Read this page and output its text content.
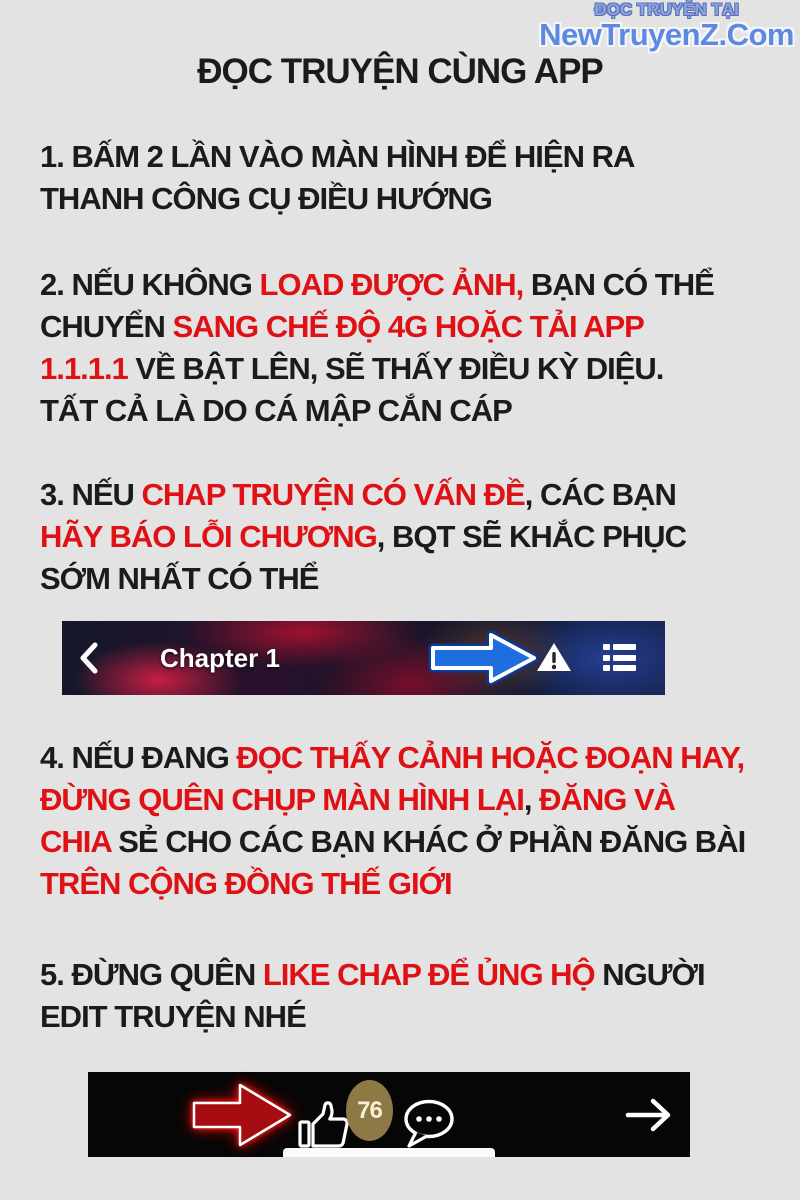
ĐỌC TRUYỆN TẠI
NewTruyenZ.Com
ĐỌC TRUYỆN CÙNG APP
1. BẤM 2 LẦN VÀO MÀN HÌNH ĐỂ HIỆN RA
THANH CÔNG CỤ ĐIỀU HƯỚNG
2. NẾU KHÔNG LOAD ĐƯỢC ẢNH, BẠN CÓ THỂ
CHUYỂN SANG CHẾ ĐỘ 4G HOẶC TẢI APP
1.1.1.1 VỀ BẬT LÊN, SẼ THẤY ĐIỀU KỲ DIỆU.
TẤT CẢ LÀ DO CÁ MẬP CẮN CÁP
3. NẾU CHAP TRUYỆN CÓ VẤN ĐỀ, CÁC BẠN
HÃY BÁO LỖI CHƯƠNG, BQT SẼ KHẮC PHỤC
SỚM NHẤT CÓ THỂ
Chapter 1
4. NẾU ĐANG ĐỌC THẤY CẢNH HOẶC ĐOẠN HAY,
ĐỪNG QUÊN CHỤP MÀN HÌNH LẠI, ĐĂNG VÀ
CHIA SẺ CHO CÁC BẠN KHÁC Ở PHẦN ĐĂNG BÀI
TRÊN CỘNG ĐỒNG THẾ GIỚI
5. ĐỪNG QUÊN LIKE CHAP ĐỂ ỦNG HỘ NGƯỜI
EDIT TRUYỆN NHÉ
76
